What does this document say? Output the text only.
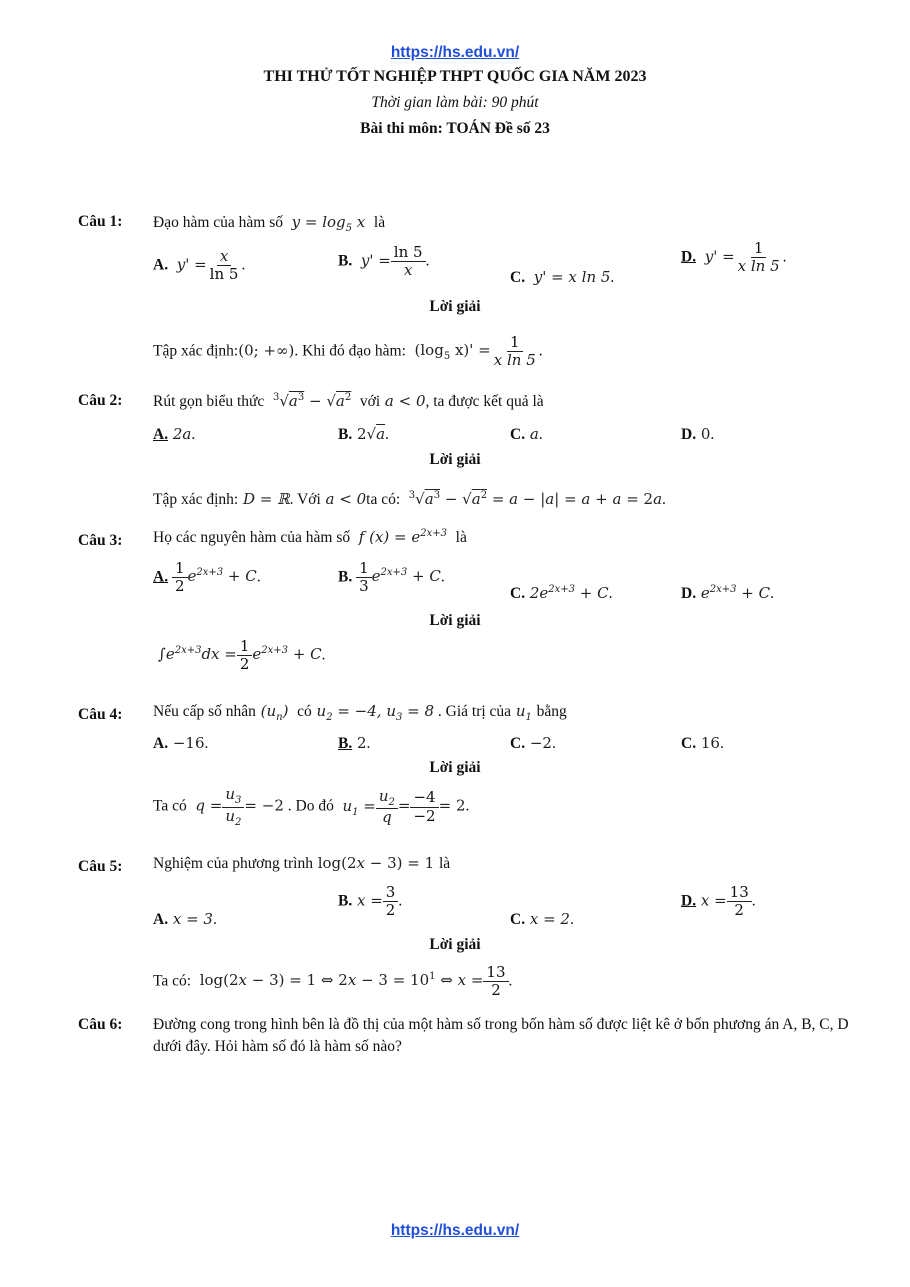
https://hs.edu.vn/
THI THỬ TỐT NGHIỆP THPT QUỐC GIA NĂM 2023
Thời gian làm bài: 90 phút
Bài thi môn: TOÁN Đề số 23
Câu 1: Đạo hàm của hàm số  $y = \log_5 x$  là
A.  $y' = \frac{x}{\ln 5}$ .	B.  $y' = \frac{\ln 5}{x}$ .
C.  y' = x ln 5.
D.  $y' = \frac{1}{\text{x ln 5}}$ .
Lời giải
Tập xác định:(0; +∞). Khi đó đạo hàm:  ($\log_5$ $x)' = \frac{1}{\text{x ln 5}}$ .
Câu 2: Rút gọn biểu thức $^3√a^3 - √a^2$ với a < 0, ta được kết quả là
A. 2a.	B. 2√a.	C. a.	D. 0.
Lời giải
Tập xác định: D = ℝ. Với a < 0ta có: $^3√a^3 - √a^2 = a - |a| = a + a = 2a$.
Câu 3: Họ các nguyên hàm của hàm số  f $(x) = e^{2x+3}$ là
A. $\frac{1}{2} e^{2x+3} + C$.	B. $\frac{1}{3} e^{2x+3} + C$.
C. $2e^{2x+3} + C$.	D. $e^{2x+3} + C$.
Lời giải
$\int e^{2x+3}dx = \frac{1}{2} e^{2x+3} + C$.
Câu 4: Nếu cấp số nhân $(u_n)$  có $u_2 = -4$, $u_3 = 8$ . Giá trị của $u_1$ bằng
A. −16.	B. 2.	C. −2.	C. 16.
Lời giải
Ta có  $q = \frac{u_3}{u_2} = -2$ . Do đó  $u_1 = \frac{u_2}{q} = \frac{-4}{-2} = 2$.
Câu 5: Nghiệm của phương trình log(2x − 3) = 1 là
A. x = 3.
B. $x = \frac{3}{2}$ .
C. x = 2.
D. $x = \frac{13}{2}$ .
Lời giải
Ta có:  log(2x − 3) = 1 ⇔ $2x - 3 = 10^1$ ⇔ $x = \frac{13}{2}$ .
Câu 6: Đường cong trong hình bên là đồ thị của một hàm số trong bốn hàm số được liệt kê ở bốn phương án A, B, C, D dưới đây. Hỏi hàm số đó là hàm số nào?
https://hs.edu.vn/
